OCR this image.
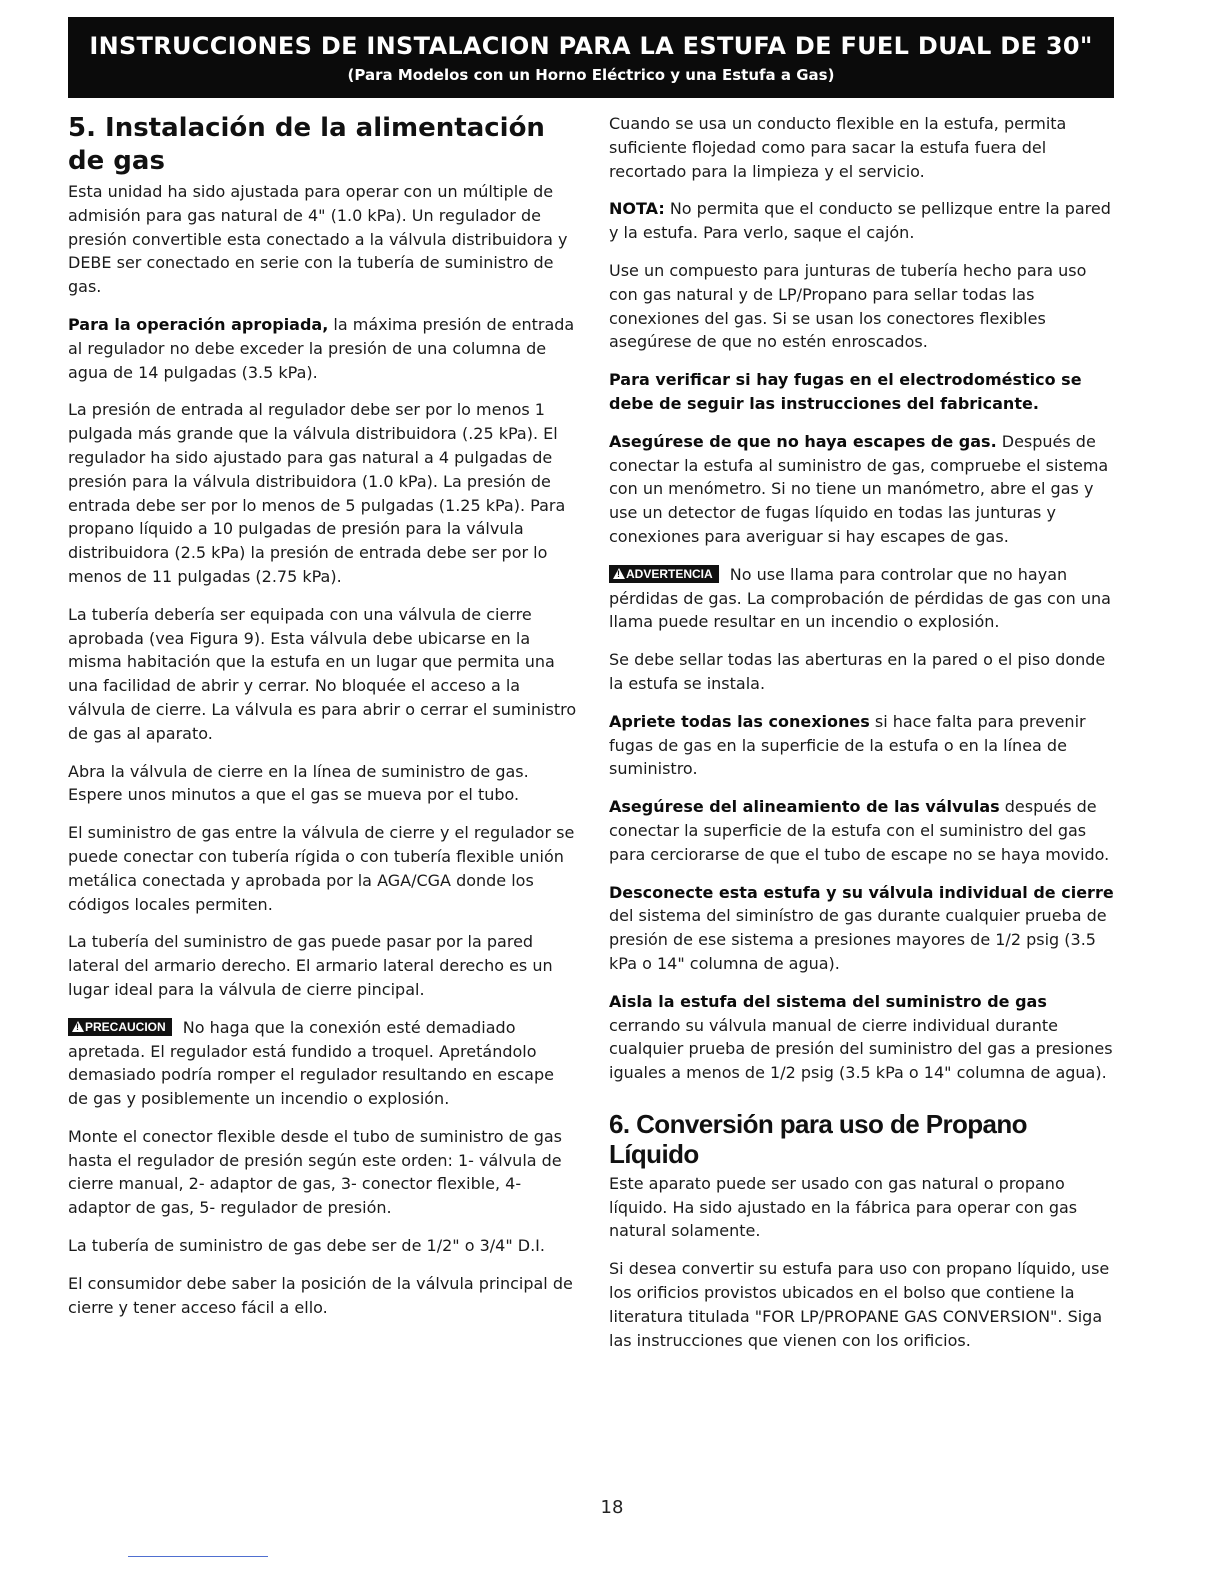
INSTRUCCIONES DE INSTALACION PARA LA ESTUFA DE FUEL DUAL DE 30"
(Para Modelos con un Horno Eléctrico y una Estufa a Gas)
5. Instalación de la alimentación de gas

Esta unidad ha sido ajustada para operar con un múltiple de admisión para gas natural de 4" (1.0 kPa). Un regulador de presión convertible esta conectado a la válvula distribuidora y DEBE ser conectado en serie con la tubería de suministro de gas.

Para la operación apropiada, la máxima presión de entrada al regulador no debe exceder la presión de una columna de agua de 14 pulgadas (3.5 kPa).

La presión de entrada al regulador debe ser por lo menos 1 pulgada más grande que la válvula distribuidora (.25 kPa). El regulador ha sido ajustado para gas natural a 4 pulgadas de presión para la válvula distribuidora (1.0 kPa). La presión de entrada debe ser por lo menos de 5 pulgadas (1.25 kPa). Para propano líquido a 10 pulgadas de presión para la válvula distribuidora (2.5 kPa) la presión de entrada debe ser por lo menos de 11 pulgadas (2.75 kPa).

La tubería debería ser equipada con una válvula de cierre aprobada (vea Figura 9). Esta válvula debe ubicarse en la misma habitación que la estufa en un lugar que permita una una facilidad de abrir y cerrar. No bloquée el acceso a la válvula de cierre. La válvula es para abrir o cerrar el suministro de gas al aparato.

Abra la válvula de cierre en la línea de suministro de gas. Espere unos minutos a que el gas se mueva por el tubo.

El suministro de gas entre la válvula de cierre y el regulador se puede conectar con tubería rígida o con tubería flexible unión metálica conectada y aprobada por la AGA/CGA donde los códigos locales permiten.

La tubería del suministro de gas puede pasar por la pared lateral del armario derecho. El armario lateral derecho es un lugar ideal para la válvula de cierre pincipal.

!PRECAUCION No haga que la conexión esté demadiado apretada. El regulador está fundido a troquel. Apretándolo demasiado podría romper el regulador resultando en escape de gas y posiblemente un incendio o explosión.

Monte el conector flexible desde el tubo de suministro de gas hasta el regulador de presión según este orden: 1- válvula de cierre manual, 2- adaptor de gas, 3- conector flexible, 4- adaptor de gas, 5- regulador de presión.

La tubería de suministro de gas debe ser de 1/2" o 3/4" D.I.

El consumidor debe saber la posición de la válvula principal de cierre y tener acceso fácil a ello.

Cuando se usa un conducto flexible en la estufa, permita suficiente flojedad como para sacar la estufa fuera del recortado para la limpieza y el servicio.

NOTA: No permita que el conducto se pellizque entre la pared y la estufa. Para verlo, saque el cajón.

Use un compuesto para junturas de tubería hecho para uso con gas natural y de LP/Propano para sellar todas las conexiones del gas. Si se usan los conectores flexibles asegúrese de que no estén enroscados.

Para verificar si hay fugas en el electrodoméstico se debe de seguir las instrucciones del fabricante.

Asegúrese de que no haya escapes de gas. Después de conectar la estufa al suministro de gas, compruebe el sistema con un menómetro. Si no tiene un manómetro, abre el gas y use un detector de fugas líquido en todas las junturas y conexiones para averiguar si hay escapes de gas.

!ADVERTENCIA No use llama para controlar que no hayan pérdidas de gas. La comprobación de pérdidas de gas con una llama puede resultar en un incendio o explosión.

Se debe sellar todas las aberturas en la pared o el piso donde la estufa se instala.

Apriete todas las conexiones si hace falta para prevenir fugas de gas en la superficie de la estufa o en la línea de suministro.

Asegúrese del alineamiento de las válvulas después de conectar la superficie de la estufa con el suministro del gas para cerciorarse de que el tubo de escape no se haya movido.

Desconecte esta estufa y su válvula individual de cierre del sistema del siminístro de gas durante cualquier prueba de presión de ese sistema a presiones mayores de 1/2 psig (3.5 kPa o 14" columna de agua).

Aisla la estufa del sistema del suministro de gas cerrando su válvula manual de cierre individual durante cualquier prueba de presión del suministro del gas a presiones iguales a menos de 1/2 psig (3.5 kPa o 14" columna de agua).

6. Conversión para uso de Propano Líquido

Este aparato puede ser usado con gas natural o propano líquido. Ha sido ajustado en la fábrica para operar con gas natural solamente.

Si desea convertir su estufa para uso con propano líquido, use los orificios provistos ubicados en el bolso que contiene la literatura titulada "FOR LP/PROPANE GAS CONVERSION". Siga las instrucciones que vienen con los orificios.

18
